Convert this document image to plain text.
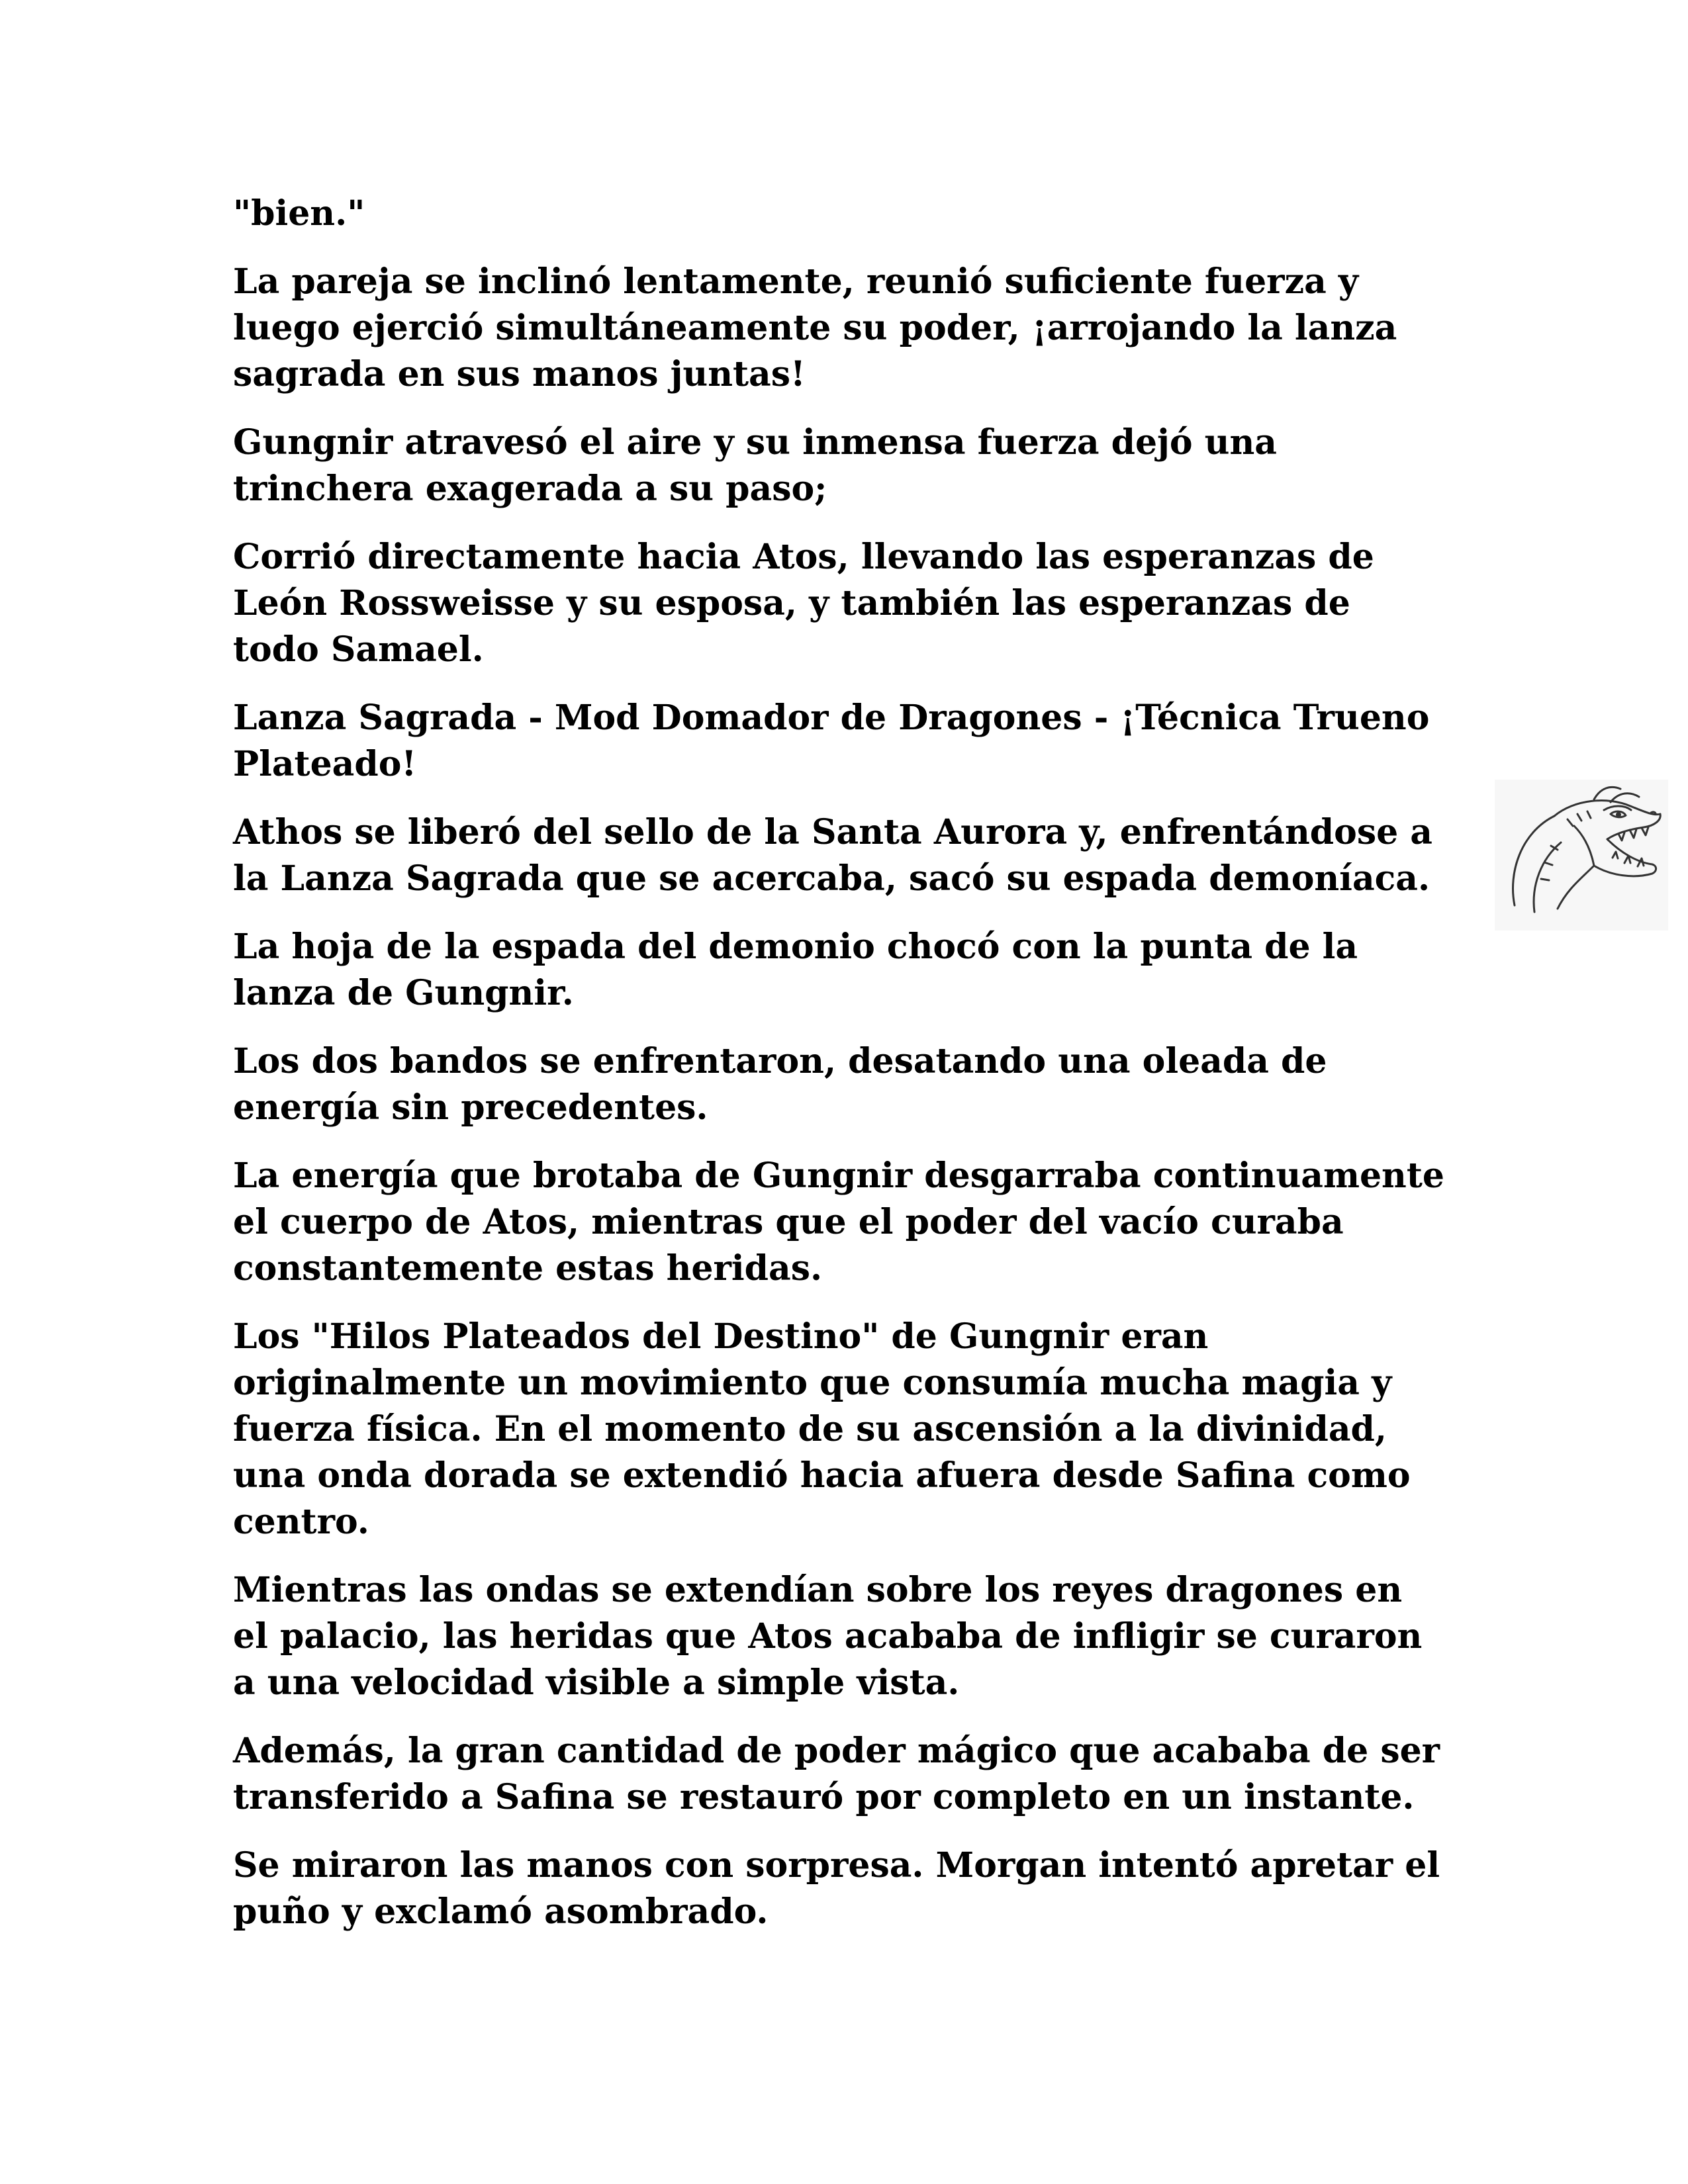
"bien."

La pareja se inclinó lentamente, reunió suficiente fuerza y luego ejerció simultáneamente su poder, ¡arrojando la lanza sagrada en sus manos juntas!

Gungnir atravesó el aire y su inmensa fuerza dejó una trinchera exagerada a su paso;

Corrió directamente hacia Atos, llevando las esperanzas de León Rossweisse y su esposa, y también las esperanzas de todo Samael.

Lanza Sagrada - Mod Domador de Dragones - ¡Técnica Trueno Plateado!

Athos se liberó del sello de la Santa Aurora y, enfrentándose a la Lanza Sagrada que se acercaba, sacó su espada demoníaca.

La hoja de la espada del demonio chocó con la punta de la lanza de Gungnir.

Los dos bandos se enfrentaron, desatando una oleada de energía sin precedentes.

La energía que brotaba de Gungnir desgarraba continuamente el cuerpo de Atos, mientras que el poder del vacío curaba constantemente estas heridas.

Los "Hilos Plateados del Destino" de Gungnir eran originalmente un movimiento que consumía mucha magia y fuerza física. En el momento de su ascensión a la divinidad, una onda dorada se extendió hacia afuera desde Safina como centro.

Mientras las ondas se extendían sobre los reyes dragones en el palacio, las heridas que Atos acababa de infligir se curaron a una velocidad visible a simple vista.

Además, la gran cantidad de poder mágico que acababa de ser transferido a Safina se restauró por completo en un instante.

Se miraron las manos con sorpresa. Morgan intentó apretar el puño y exclamó asombrado.
